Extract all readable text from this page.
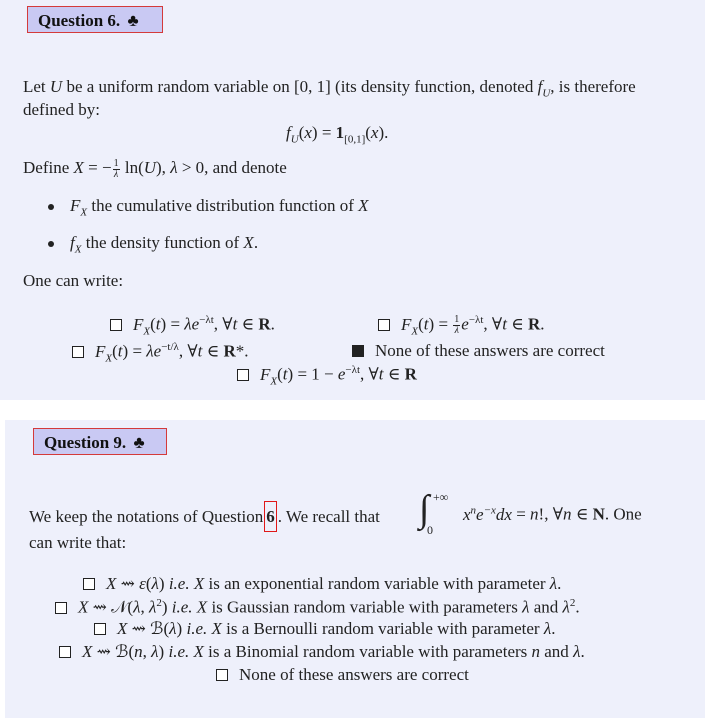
Question 6. ♣
Let U be a uniform random variable on [0, 1] (its density function, denoted $f_U$, is therefore
defined by:
$f_U(x) = 1_{[0,1]}(x)$.
Define X = − $\frac{1}{\lambda} \ln(U)$, λ > 0, and denote
$F_X$ the cumulative distribution function of X
$f_X$ the density function of X.
One can write:
$F_X(t) = \lambda e^{-\lambda t}$, ∀t ∈ R.	$F_X(t) = \frac{1}{\lambda} e^{-\lambda t}$, ∀t ∈ R.
$F_X(t) = \lambda e^{-t/\lambda}$, ∀t ∈ R*.	None of these answers are correct
$F_X(t) = 1 - e^{-\lambda t}$, ∀t ∈ R
Question 9. ♣
We keep the notations of Question 6 . We recall that ∫ +∞
0
$x^ne^{-x}dx = n$!, ∀n ∈ N. One
can write that:
X ⇝ ε(λ) i.e. X is an exponential random variable with parameter λ.
X ⇝ 𝒩(λ, $\lambda^2$) i.e. X is Gaussian random variable with parameters λ and $\lambda^2$.
X ⇝ ℬ(λ) i.e. X is a Bernoulli random variable with parameter λ.
X ⇝ ℬ(n, λ) i.e. X is a Binomial random variable with parameters n and λ.
None of these answers are correct
